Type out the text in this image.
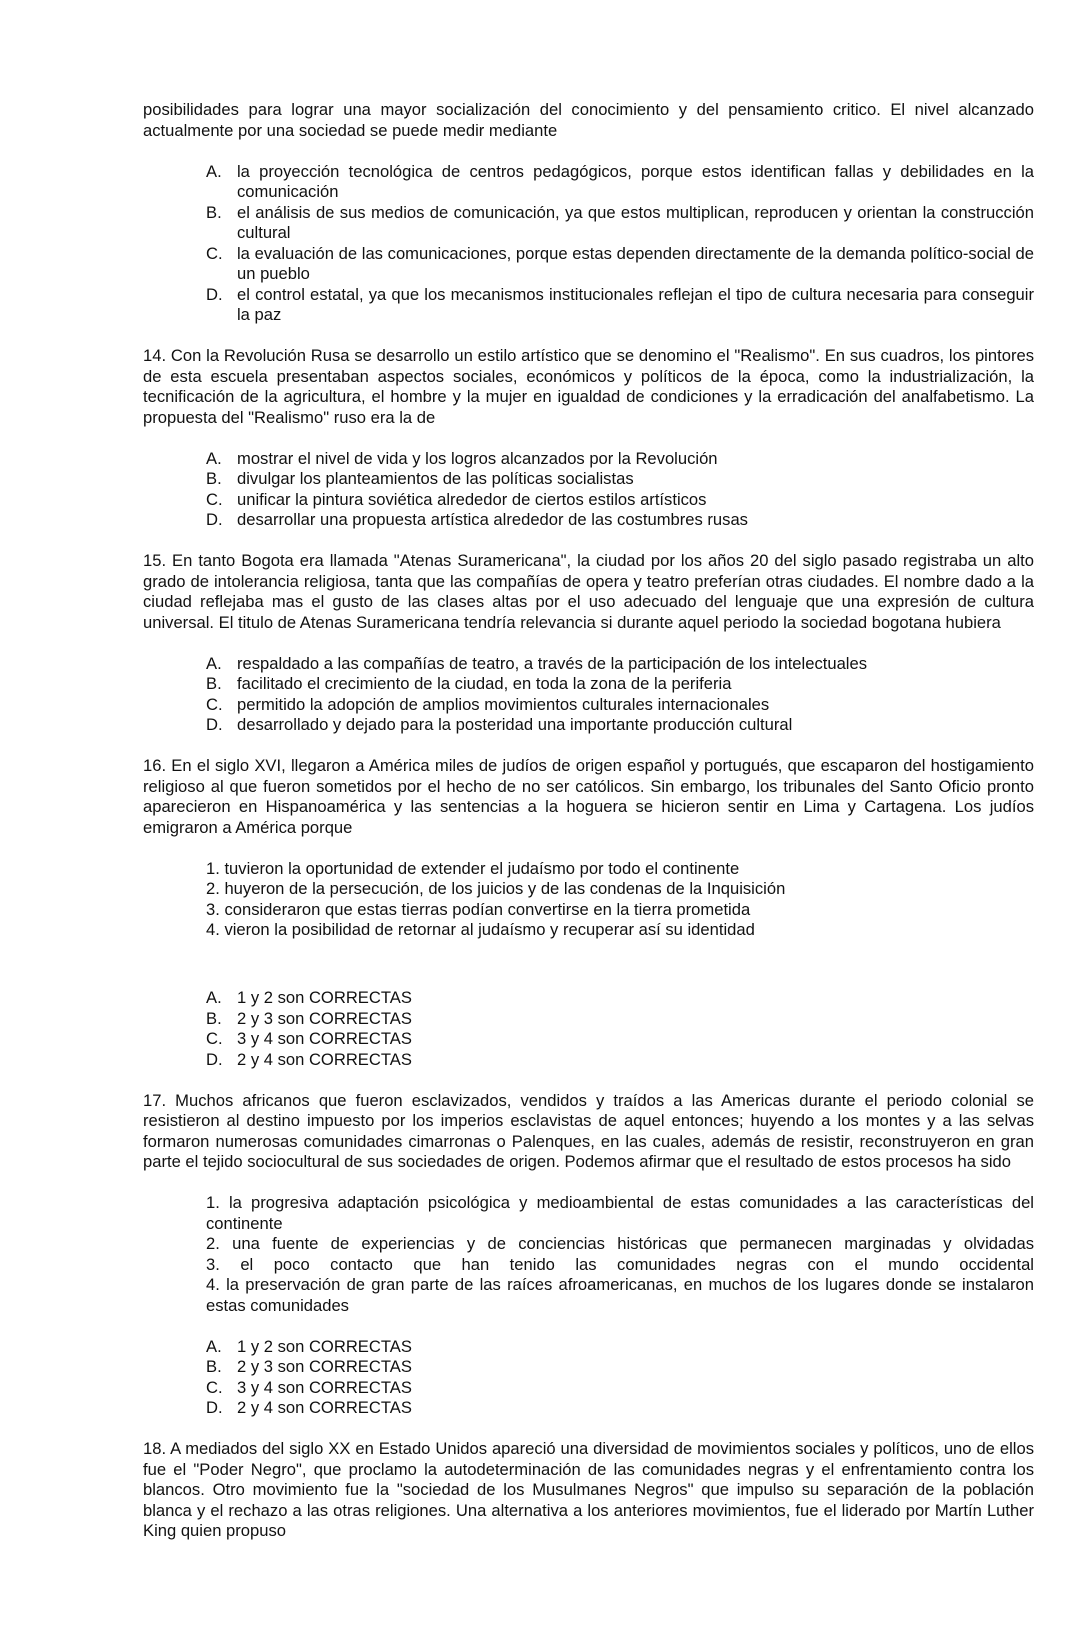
posibilidades para lograr una mayor socialización del conocimiento y del pensamiento critico. El nivel alcanzado actualmente por una sociedad se puede medir mediante

A. la proyección tecnológica de centros pedagógicos, porque estos identifican fallas y debilidades en la comunicación
B. el análisis de sus medios de comunicación, ya que estos multiplican, reproducen y orientan la construcción cultural
C. la evaluación de las comunicaciones, porque estas dependen directamente de la demanda político-social de un pueblo
D. el control estatal, ya que los mecanismos institucionales reflejan el tipo de cultura necesaria para conseguir la paz

14. Con la Revolución Rusa se desarrollo un estilo artístico que se denomino el "Realismo". En sus cuadros, los pintores de esta escuela presentaban aspectos sociales, económicos y políticos de la época, como la industrialización, la tecnificación de la agricultura, el hombre y la mujer en igualdad de condiciones y la erradicación del analfabetismo. La propuesta del "Realismo" ruso era la de

A. mostrar el nivel de vida y los logros alcanzados por la Revolución
B. divulgar los planteamientos de las políticas socialistas
C. unificar la pintura soviética alrededor de ciertos estilos artísticos
D. desarrollar una propuesta artística alrededor de las costumbres rusas

15. En tanto Bogota era llamada "Atenas Suramericana", la ciudad por los años 20 del siglo pasado registraba un alto grado de intolerancia religiosa, tanta que las compañías de opera y teatro preferían otras ciudades. El nombre dado a la ciudad reflejaba mas el gusto de las clases altas por el uso adecuado del lenguaje que una expresión de cultura universal. El titulo de Atenas Suramericana tendría relevancia si durante aquel periodo la sociedad bogotana hubiera

A. respaldado a las compañías de teatro, a través de la participación de los intelectuales
B. facilitado el crecimiento de la ciudad, en toda la zona de la periferia
C. permitido la adopción de amplios movimientos culturales internacionales
D. desarrollado y dejado para la posteridad una importante producción cultural

16. En el siglo XVI, llegaron a América miles de judíos de origen español y portugués, que escaparon del hostigamiento religioso al que fueron sometidos por el hecho de no ser católicos. Sin embargo, los tribunales del Santo Oficio pronto aparecieron en Hispanoamérica y las sentencias a la hoguera se hicieron sentir en Lima y Cartagena. Los judíos emigraron a América porque

1. tuvieron la oportunidad de extender el judaísmo por todo el continente

2. huyeron de la persecución, de los juicios y de las condenas de la Inquisición

3. consideraron que estas tierras podían convertirse en la tierra prometida

4. vieron la posibilidad de retornar al judaísmo y recuperar así su identidad

A. 1 y 2 son CORRECTAS
B. 2 y 3 son CORRECTAS
C. 3 y 4 son CORRECTAS
D. 2 y 4 son CORRECTAS

17. Muchos africanos que fueron esclavizados, vendidos y traídos a las Americas durante el periodo colonial se resistieron al destino impuesto por los imperios esclavistas de aquel entonces; huyendo a los montes y a las selvas formaron numerosas comunidades cimarronas o Palenques, en las cuales, además de resistir, reconstruyeron en gran parte el tejido sociocultural de sus sociedades de origen. Podemos afirmar que el resultado de estos procesos ha sido

1. la progresiva adaptación psicológica y medioambiental de estas comunidades a las características del continente

2. una fuente de experiencias y de conciencias históricas que permanecen marginadas y olvidadas

3. el poco contacto que han tenido las comunidades negras con el mundo occidental

4. la preservación de gran parte de las raíces afroamericanas, en muchos de los lugares donde se instalaron estas comunidades

A. 1 y 2 son CORRECTAS
B. 2 y 3 son CORRECTAS
C. 3 y 4 son CORRECTAS
D. 2 y 4 son CORRECTAS

18. A mediados del siglo XX en Estado Unidos apareció una diversidad de movimientos sociales y políticos, uno de ellos fue el "Poder Negro", que proclamo la autodeterminación de las comunidades negras y el enfrentamiento contra los blancos. Otro movimiento fue la "sociedad de los Musulmanes Negros" que impulso su separación de la población blanca y el rechazo a las otras religiones. Una alternativa a los anteriores movimientos, fue el liderado por Martín Luther King quien propuso
